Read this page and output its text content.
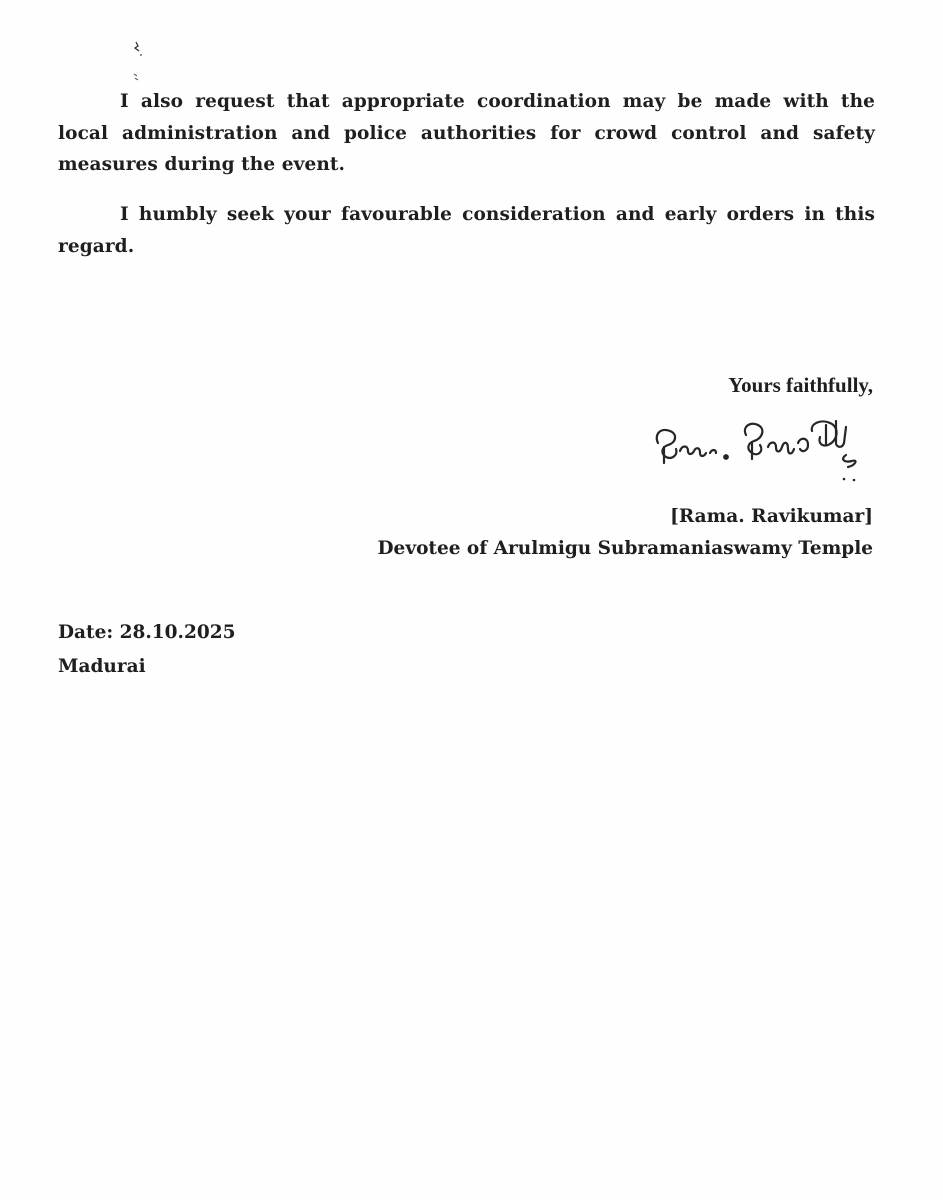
I also request that appropriate coordination may be made with the local administration and police authorities for crowd control and safety measures during the event.

I humbly seek your favourable consideration and early orders in this regard.

Yours faithfully,
[Rama. Ravikumar]
Devotee of Arulmigu Subramaniaswamy Temple
Date: 28.10.2025
Madurai
